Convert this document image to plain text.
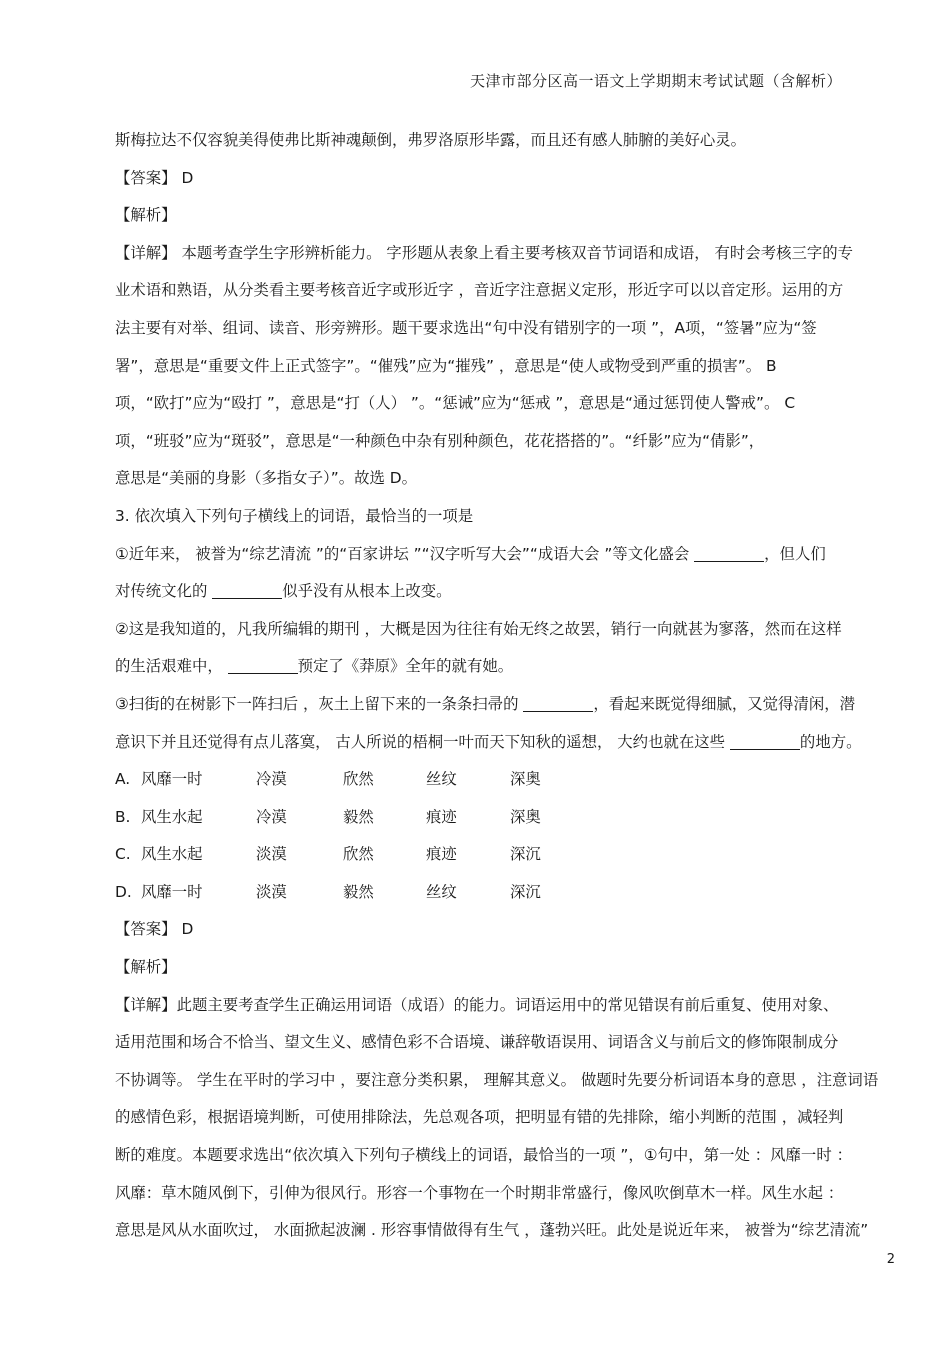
天津市部分区高一语文上学期期末考试试题（含解析）
斯梅拉达不仅容貌美得使弗比斯神魂颠倒，弗罗洛原形毕露，而且还有感人肺腑的美好心灵。
【答案】 D
【解析】
【详解】 本题考查学生字形辨析能力。 字形题从表象上看主要考核双音节词语和成语， 有时会考核三字的专
业术语和熟语，从分类看主要考核音近字或形近字 ，音近字注意据义定形，形近字可以以音定形。运用的方
法主要有对举、组词、读音、形旁辨形。题干要求选出“句中没有错别字的一项 ”，A项，“签暑”应为“签
署”，意思是“重要文件上正式签字”。“催残”应为“摧残” ，意思是“使人或物受到严重的损害”。 B
项，“欧打”应为“殴打 ”，意思是“打（人） ”。“惩诫”应为“惩戒 ”，意思是“通过惩罚使人警戒”。 C
项，“班驳”应为“斑驳”，意思是“一种颜色中杂有别种颜色，花花搭搭的”。“纤影”应为“倩影”，
意思是“美丽的身影（多指女子）”。故选 D。
3. 依次填入下列句子横线上的词语，最恰当的一项是
①近年来， 被誉为“综艺清流 ”的“百家讲坛 ”“汉字听写大会”“成语大会 ”等文化盛会	，但人们
对传统文化的	似乎没有从根本上改变。
②这是我知道的，凡我所编辑的期刊 ，大概是因为往往有始无终之故罢，销行一向就甚为寥落，然而在这样
的生活艰难中，	预定了《莽原》全年的就有她。
③扫街的在树影下一阵扫后 ，灰土上留下来的一条条扫帚的	，看起来既觉得细腻，又觉得清闲，潜
意识下并且还觉得有点儿落寞， 古人所说的梧桐一叶而天下知秋的遥想， 大约也就在这些	的地方。
A. 风靡一时	冷漠	欣然	丝纹	深奥
B. 风生水起	冷漠	毅然	痕迹	深奥
C. 风生水起	淡漠	欣然	痕迹	深沉
D. 风靡一时	淡漠	毅然	丝纹	深沉
【答案】 D
【解析】
【详解】此题主要考查学生正确运用词语（成语）的能力。词语运用中的常见错误有前后重复、使用对象、
适用范围和场合不恰当、望文生义、感情色彩不合语境、谦辞敬语误用、词语含义与前后文的修饰限制成分
不协调等。 学生在平时的学习中 ，要注意分类积累， 理解其意义。 做题时先要分析词语本身的意思 ，注意词语
的感情色彩，根据语境判断，可使用排除法，先总观各项，把明显有错的先排除，缩小判断的范围 ，减轻判
断的难度。本题要求选出“依次填入下列句子横线上的词语，最恰当的一项 ”，①句中，第一处 ：风靡一时 ：
风靡：草木随风倒下，引伸为很风行。形容一个事物在一个时期非常盛行，像风吹倒草木一样。风生水起 ：
意思是风从水面吹过， 水面掀起波澜 . 形容事情做得有生气 ，蓬勃兴旺。此处是说近年来， 被誉为“综艺清流”
2
